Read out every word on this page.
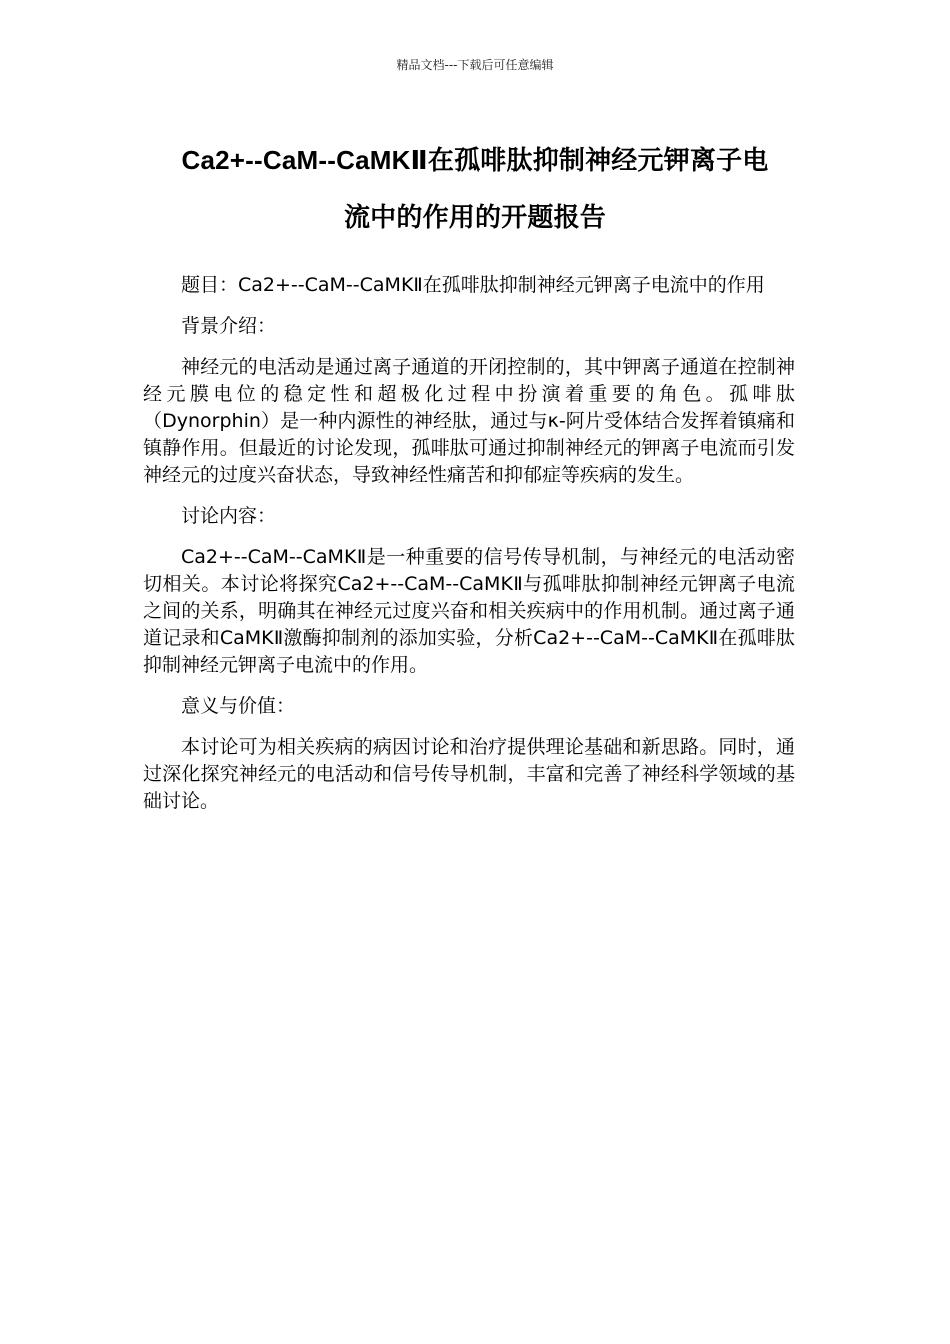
精品文档---下载后可任意编辑
Ca2+--CaM--CaMKⅡ在孤啡肽抑制神经元钾离子电
流中的作用的开题报告

题目：Ca2+--CaM--CaMKⅡ在孤啡肽抑制神经元钾离子电流中的作用

背景介绍：

神经元的电活动是通过离子通道的开闭控制的，其中钾离子通道在控制神经元膜电位的稳定性和超极化过程中扮演着重要的角色。孤啡肽（Dynorphin）是一种内源性的神经肽，通过与κ-阿片受体结合发挥着镇痛和镇静作用。但最近的讨论发现，孤啡肽可通过抑制神经元的钾离子电流而引发神经元的过度兴奋状态，导致神经性痛苦和抑郁症等疾病的发生。

讨论内容：

Ca2+--CaM--CaMKⅡ是一种重要的信号传导机制，与神经元的电活动密切相关。本讨论将探究Ca2+--CaM--CaMKⅡ与孤啡肽抑制神经元钾离子电流之间的关系，明确其在神经元过度兴奋和相关疾病中的作用机制。通过离子通道记录和CaMKⅡ激酶抑制剂的添加实验，分析Ca2+--CaM--CaMKⅡ在孤啡肽抑制神经元钾离子电流中的作用。

意义与价值：

本讨论可为相关疾病的病因讨论和治疗提供理论基础和新思路。同时，通过深化探究神经元的电活动和信号传导机制，丰富和完善了神经科学领域的基础讨论。
